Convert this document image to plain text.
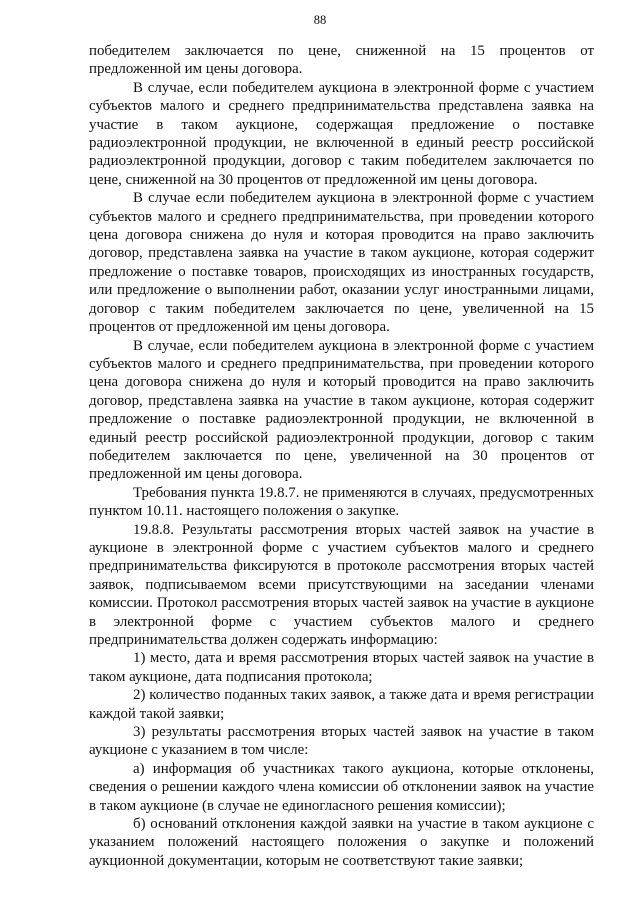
88

победителем заключается по цене, сниженной на 15 процентов от предложенной им цены договора.

В случае, если победителем аукциона в электронной форме с участием субъектов малого и среднего предпринимательства представлена заявка на участие в таком аукционе, содержащая предложение о поставке радиоэлектронной продукции, не включенной в единый реестр российской радиоэлектронной продукции, договор с таким победителем заключается по цене, сниженной на 30 процентов от предложенной им цены договора.

В случае если победителем аукциона в электронной форме с участием субъектов малого и среднего предпринимательства, при проведении которого цена договора снижена до нуля и которая проводится на право заключить договор, представлена заявка на участие в таком аукционе, которая содержит предложение о поставке товаров, происходящих из иностранных государств, или предложение о выполнении работ, оказании услуг иностранными лицами, договор с таким победителем заключается по цене, увеличенной на 15 процентов от предложенной им цены договора.

В случае, если победителем аукциона в электронной форме с участием субъектов малого и среднего предпринимательства, при проведении которого цена договора снижена до нуля и который проводится на право заключить договор, представлена заявка на участие в таком аукционе, которая содержит предложение о поставке радиоэлектронной продукции, не включенной в единый реестр российской радиоэлектронной продукции, договор с таким победителем заключается по цене, увеличенной на 30 процентов от предложенной им цены договора.

Требования пункта 19.8.7. не применяются в случаях, предусмотренных пунктом 10.11. настоящего положения о закупке.

19.8.8. Результаты рассмотрения вторых частей заявок на участие в аукционе в электронной форме с участием субъектов малого и среднего предпринимательства фиксируются в протоколе рассмотрения вторых частей заявок, подписываемом всеми присутствующими на заседании членами комиссии. Протокол рассмотрения вторых частей заявок на участие в аукционе в электронной форме с участием субъектов малого и среднего предпринимательства должен содержать информацию:

1) место, дата и время рассмотрения вторых частей заявок на участие в таком аукционе, дата подписания протокола;

2) количество поданных таких заявок, а также дата и время регистрации каждой такой заявки;

3) результаты рассмотрения вторых частей заявок на участие в таком аукционе с указанием в том числе:

а) информация об участниках такого аукциона, которые отклонены, сведения о решении каждого члена комиссии об отклонении заявок на участие в таком аукционе (в случае не единогласного решения комиссии);

б) оснований отклонения каждой заявки на участие в таком аукционе с указанием положений настоящего положения о закупке и положений аукционной документации, которым не соответствуют такие заявки;
